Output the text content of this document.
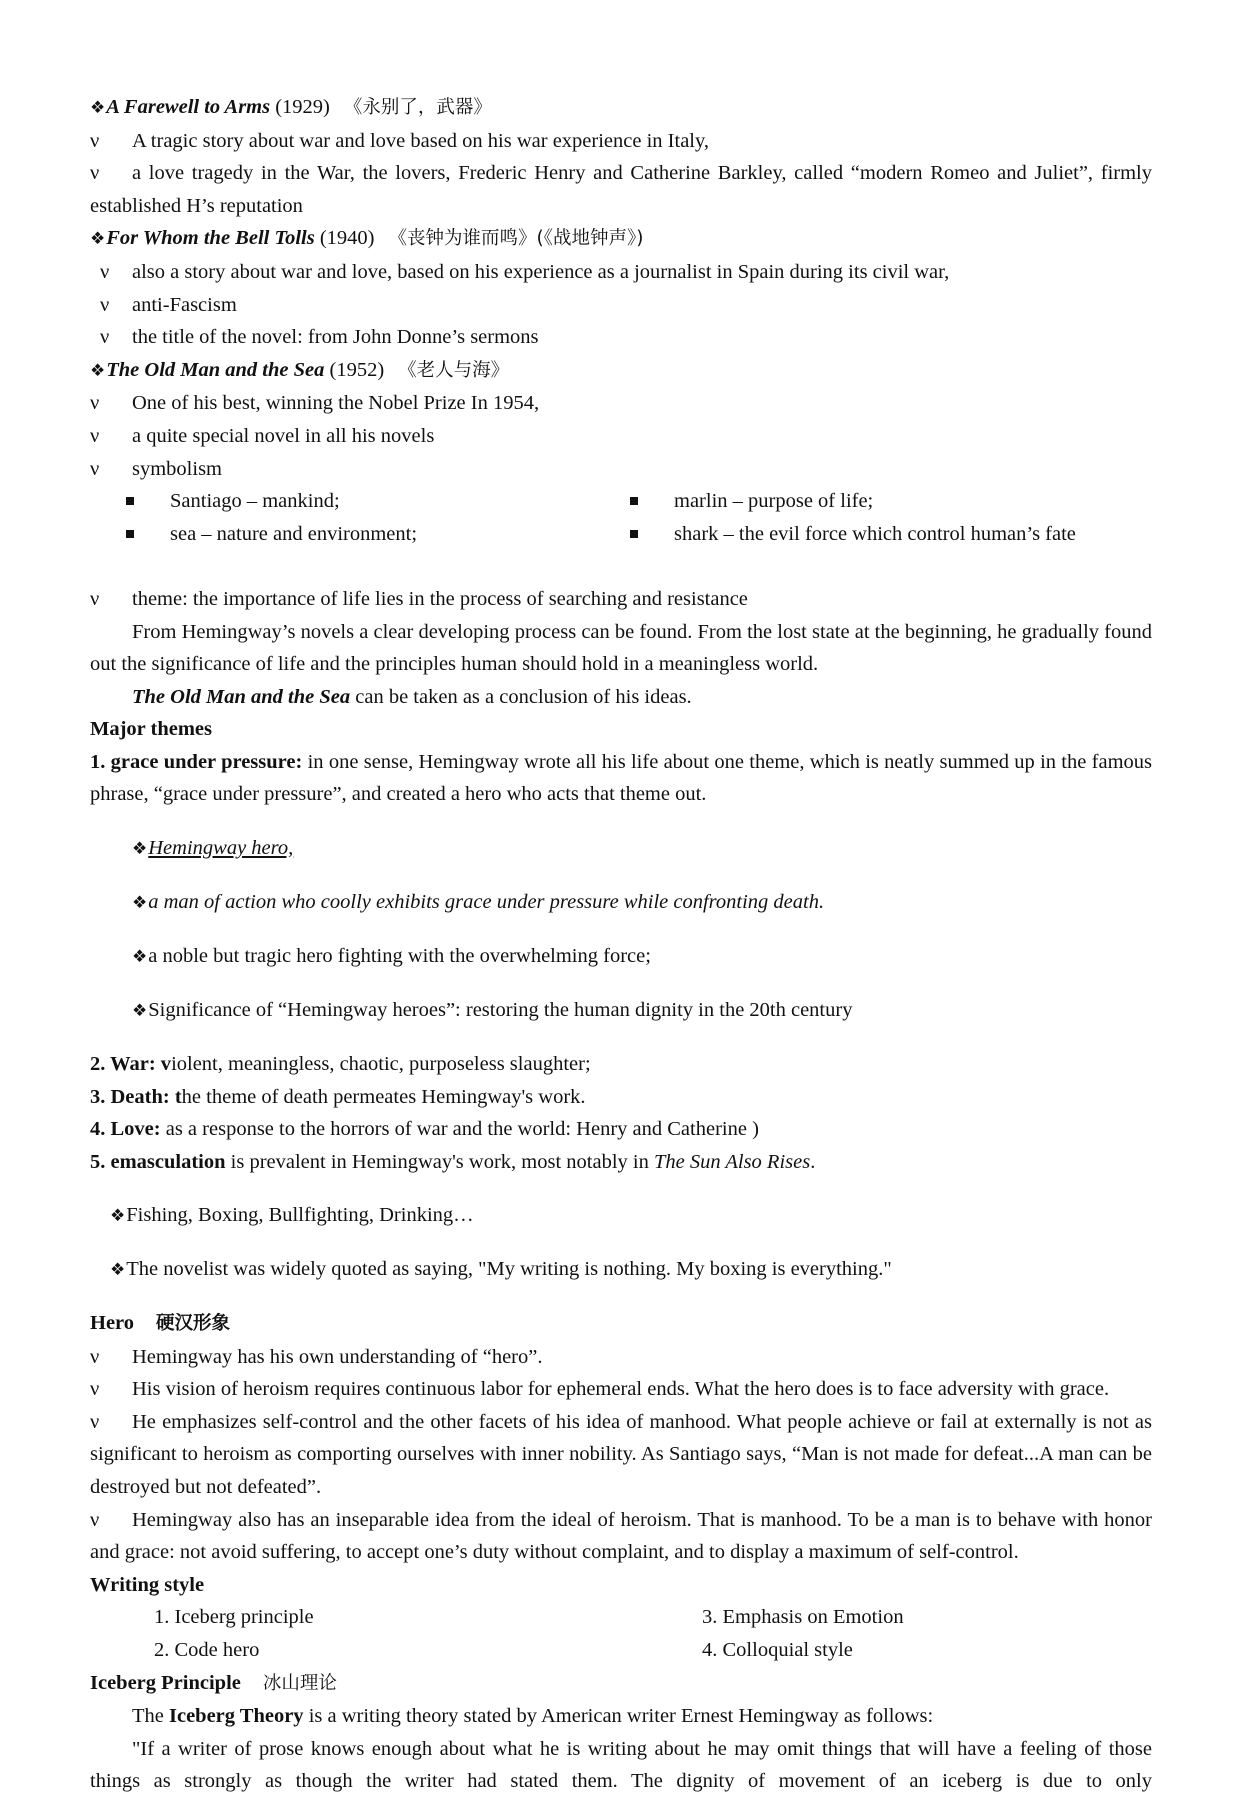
❖A Farewell to Arms (1929) 《永别了，武器》

ν A tragic story about war and love based on his war experience in Italy,

ν a love tragedy in the War, the lovers, Frederic Henry and Catherine Barkley, called “modern Romeo and Juliet”, firmly established H’s reputation

❖For Whom the Bell Tolls (1940) 《丧钟为谁而鸣》(《战地钟声》)

ν also a story about war and love, based on his experience as a journalist in Spain during its civil war,

ν anti-Fascism

ν the title of the novel: from John Donne’s sermons

❖The Old Man and the Sea (1952) 《老人与海》

ν One of his best, winning the Nobel Prize In 1954,

ν a quite special novel in all his novels

ν symbolism

Santiago – mankind;

sea – nature and environment;

marlin – purpose of life;

shark – the evil force which control human’s fate

ν theme: the importance of life lies in the process of searching and resistance

From Hemingway’s novels a clear developing process can be found. From the lost state at the beginning, he gradually found out the significance of life and the principles human should hold in a meaningless world.

The Old Man and the Sea can be taken as a conclusion of his ideas.

Major themes

1. grace under pressure: in one sense, Hemingway wrote all his life about one theme, which is neatly summed up in the famous phrase, “grace under pressure”, and created a hero who acts that theme out.

❖Hemingway hero,

❖a man of action who coolly exhibits grace under pressure while confronting death.

❖a noble but tragic hero fighting with the overwhelming force;

❖Significance of “Hemingway heroes”: restoring the human dignity in the 20th century

2. War: violent, meaningless, chaotic, purposeless slaughter;

3. Death: the theme of death permeates Hemingway's work.

4. Love: as a response to the horrors of war and the world: Henry and Catherine )

5. emasculation is prevalent in Hemingway's work, most notably in The Sun Also Rises.

❖Fishing, Boxing, Bullfighting, Drinking…

❖The novelist was widely quoted as saying, "My writing is nothing. My boxing is everything."

Hero 硬汉形象

ν Hemingway has his own understanding of “hero”.

ν His vision of heroism requires continuous labor for ephemeral ends. What the hero does is to face adversity with grace.

ν He emphasizes self-control and the other facets of his idea of manhood. What people achieve or fail at externally is not as significant to heroism as comporting ourselves with inner nobility. As Santiago says, “Man is not made for defeat...A man can be destroyed but not defeated”.

ν Hemingway also has an inseparable idea from the ideal of heroism. That is manhood. To be a man is to behave with honor and grace: not avoid suffering, to accept one’s duty without complaint, and to display a maximum of self-control.

Writing style

1. Iceberg principle

2. Code hero

3. Emphasis on Emotion

4. Colloquial style

Iceberg Principle 冰山理论

The Iceberg Theory is a writing theory stated by American writer Ernest Hemingway as follows:

"If a writer of prose knows enough about what he is writing about he may omit things that will have a feeling of those things as strongly as though the writer had stated them. The dignity of movement of an iceberg is due to only
